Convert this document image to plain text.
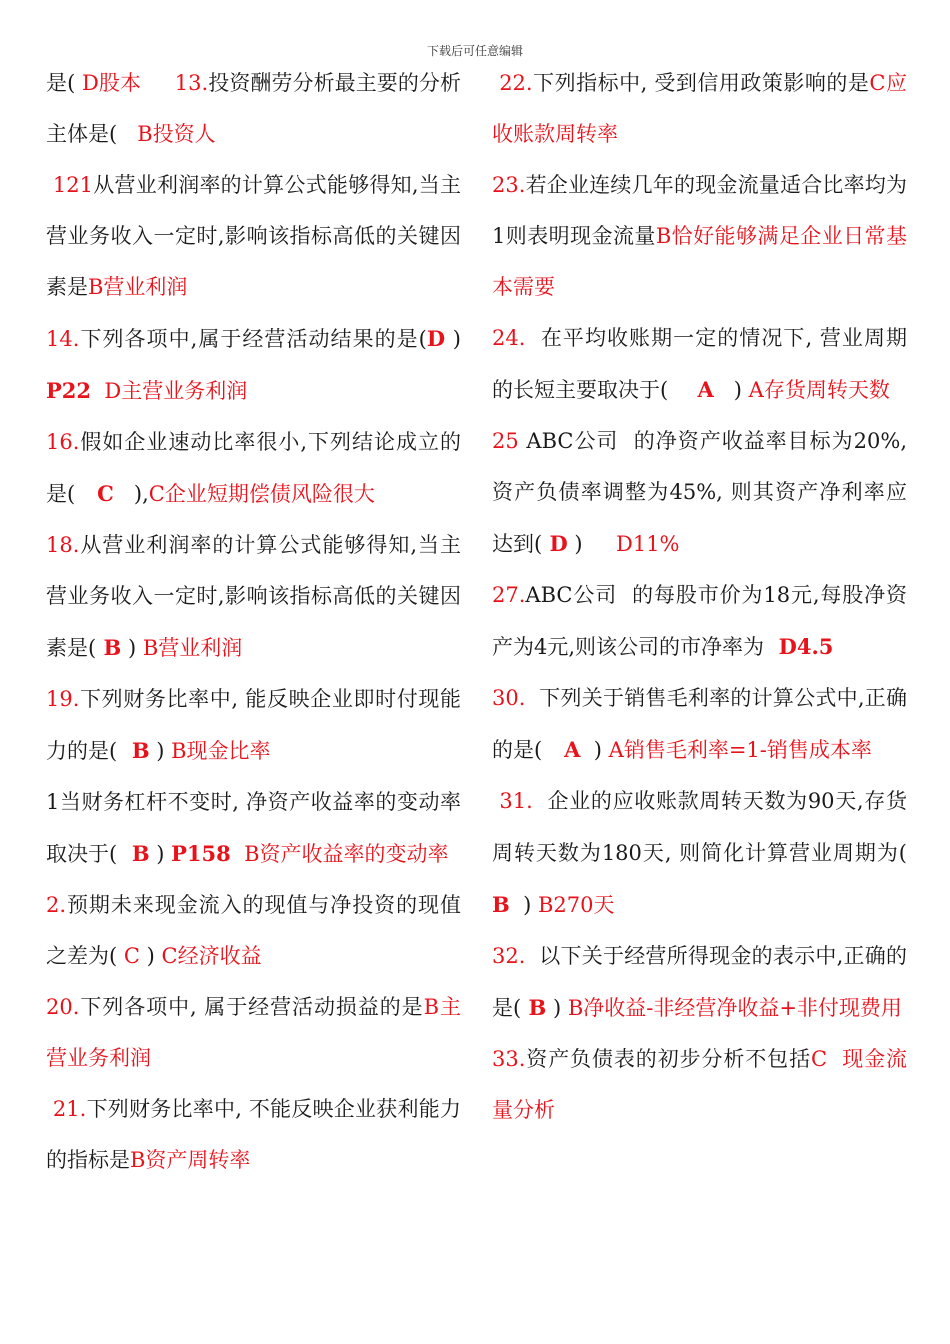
下载后可任意编辑

是( D股本     13.投资酬劳分析最主要的分析主体是(   B投资人

121从营业利润率的计算公式能够得知,当主营业务收入一定时,影响该指标高低的关键因素是B营业利润

14.下列各项中,属于经营活动结果的是(D ) P22  D主营业务利润

16.假如企业速动比率很小,下列结论成立的是(   C   ),C企业短期偿债风险很大

18.从营业利润率的计算公式能够得知,当主营业务收入一定时,影响该指标高低的关键因素是( B ) B营业利润

19.下列财务比率中, 能反映企业即时付现能力的是(  B ) B现金比率

1当财务杠杆不变时, 净资产收益率的变动率取决于(  B ) P158  B资产收益率的变动率

2.预期未来现金流入的现值与净投资的现值之差为( C ) C经济收益

20.下列各项中, 属于经营活动损益的是B主营业务利润

21.下列财务比率中, 不能反映企业获利能力的指标是B资产周转率

22.下列指标中, 受到信用政策影响的是C应收账款周转率

23.若企业连续几年的现金流量适合比率均为1则表明现金流量B恰好能够满足企业日常基本需要

24.  在平均收账期一定的情况下, 营业周期的长短主要取决于(    A   ) A存货周转天数

25 ABC公司  的净资产收益率目标为20%, 资产负债率调整为45%, 则其资产净利率应达到( D )     D11%

27.ABC公司  的每股市价为18元,每股净资产为4元,则该公司的市净率为  D4.5

30.  下列关于销售毛利率的计算公式中,正确的是(   A  ) A销售毛利率=1-销售成本率

31.  企业的应收账款周转天数为90天,存货周转天数为180天, 则简化计算营业周期为(   B  ) B270天

32.  以下关于经营所得现金的表示中,正确的是( B ) B净收益-非经营净收益+非付现费用

33.资产负债表的初步分析不包括C  现金流量分析
